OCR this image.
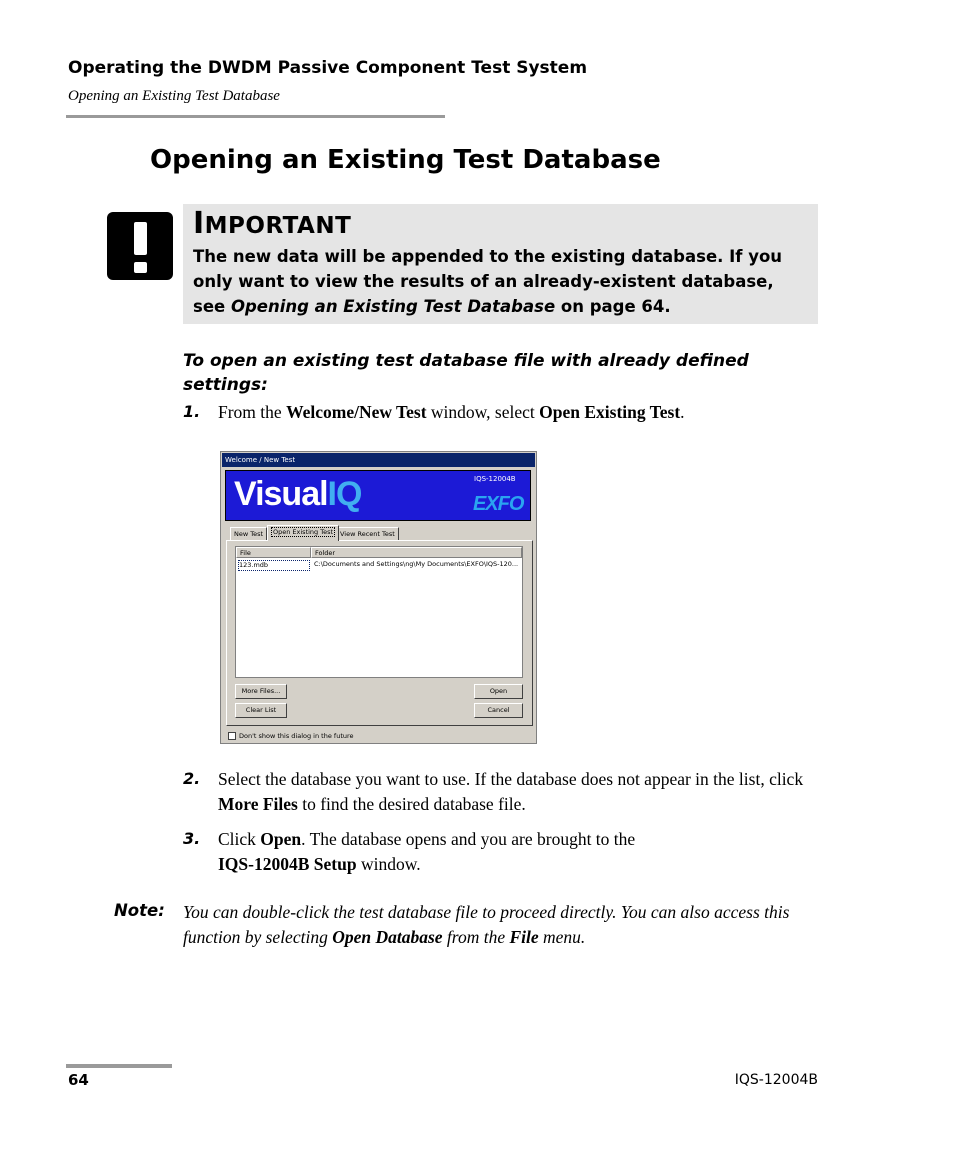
Operating the DWDM Passive Component Test System
Opening an Existing Test Database
Opening an Existing Test Database
IMPORTANT
The new data will be appended to the existing database. If you only want to view the results of an already-existent database, see Opening an Existing Test Database on page 64.
To open an existing test database file with already defined settings:
1. From the Welcome/New Test window, select Open Existing Test.
Welcome / New Test
VisualIQ	IQS-12004B
EXFO
New Test	Open Existing Test	View Recent Test
File	Folder
123.mdb	C:\Documents and Settings\ng\My Documents\EXFO\IQS-120...
More Files...
Clear List
Open
Cancel
Don't show this dialog in the future
2. Select the database you want to use. If the database does not appear in the list, click More Files to find the desired database file.
3. Click Open. The database opens and you are brought to the
IQS-12004B Setup window.
Note: You can double-click the test database file to proceed directly. You can also access this function by selecting Open Database from the File menu.
64	IQS-12004B
